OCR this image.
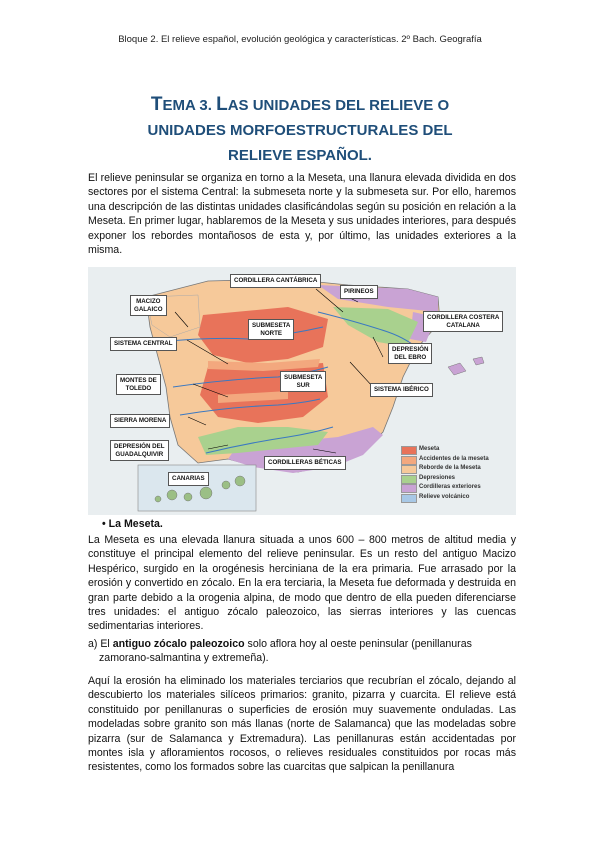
Bloque 2. El relieve español, evolución geológica y características. 2º Bach. Geografía
TEMA 3. LAS UNIDADES DEL RELIEVE O
UNIDADES MORFOESTRUCTURALES DEL
RELIEVE ESPAÑOL.

El relieve peninsular se organiza en torno a la Meseta, una llanura elevada dividida en dos sectores por el sistema Central: la submeseta norte y la submeseta sur. Por ello, haremos una descripción de las distintas unidades clasificándolas según su posición en relación a la Meseta. En primer lugar, hablaremos de la Meseta y sus unidades interiores, para después exponer los rebordes montañosos de esta y, por último, las unidades exteriores a la misma.

CORDILLERA CANTÁBRICA
PIRINEOS
MACIZO
GALAICO
CORDILLERA COSTERA
CATALANA
SUBMESETA
NORTE
SISTEMA CENTRAL
DEPRESIÓN
DEL EBRO
MONTES DE
TOLEDO
SUBMESETA
SUR
SISTEMA IBÉRICO
SIERRA MORENA
DEPRESIÓN DEL
GUADALQUIVIR
CORDILLERAS BÉTICAS
CANARIAS
Meseta
Accidentes de la meseta
Reborde de la Meseta
Depresiones
Cordilleras exteriores
Relieve volcánico
• La Meseta.

La Meseta es una elevada llanura situada a unos 600 – 800 metros de altitud media y constituye el principal elemento del relieve peninsular. Es un resto del antiguo Macizo Hespérico, surgido en la orogénesis herciniana de la era primaria. Fue arrasado por la erosión y convertido en zócalo. En la era terciaria, la Meseta fue deformada y destruida en gran parte debido a la orogenia alpina, de modo que dentro de ella pueden diferenciarse tres unidades: el antiguo zócalo paleozoico, las sierras interiores y las cuencas sedimentarias interiores.

a) El antiguo zócalo paleozoico solo aflora hoy al oeste peninsular (penillanuras
zamorano-salmantina y extremeña).

Aquí la erosión ha eliminado los materiales terciarios que recubrían el zócalo, dejando al descubierto los materiales silíceos primarios: granito, pizarra y cuarcita. El relieve está constituido por penillanuras o superficies de erosión muy suavemente onduladas. Las modeladas sobre granito son más llanas (norte de Salamanca) que las modeladas sobre pizarra (sur de Salamanca y Extremadura). Las penillanuras están accidentadas por montes isla y afloramientos rocosos, o relieves residuales constituidos por rocas más resistentes, como los formados sobre las cuarcitas que salpican la penillanura
